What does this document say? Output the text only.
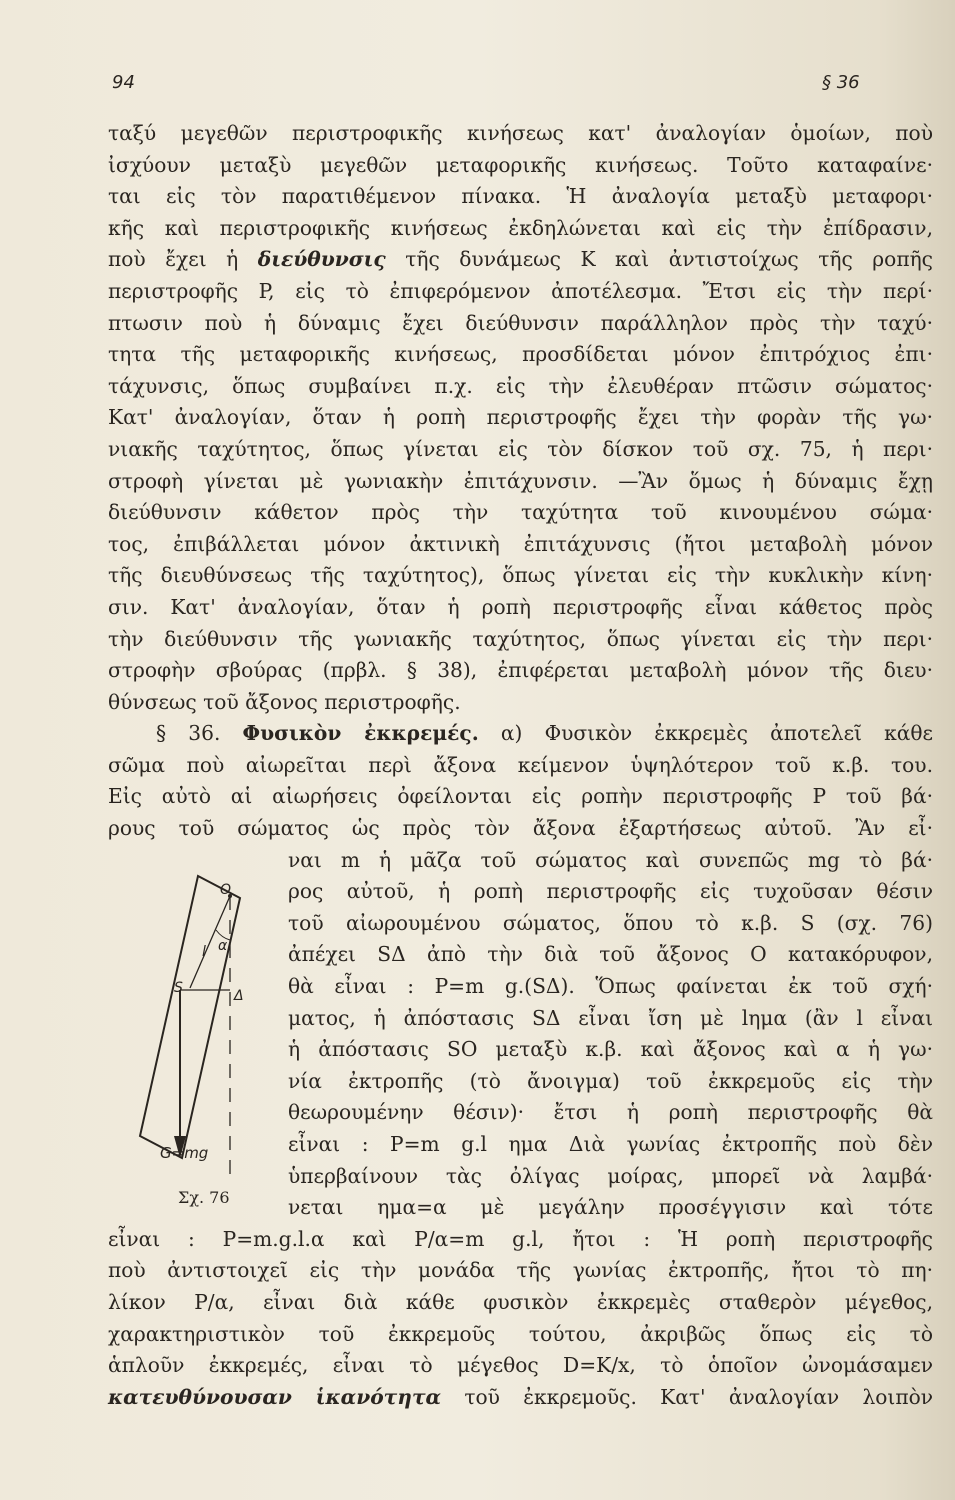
94	§ 36
ταξύ μεγεθῶν περιστροφικῆς κινήσεως κατ' ἀναλογίαν ὁμοίων, ποὺ
ἰσχύουν μεταξὺ μεγεθῶν μεταφορικῆς κινήσεως. Τοῦτο καταφαίνε·
ται εἰς τὸν παρατιθέμενον πίνακα. Ἡ ἀναλογία μεταξὺ μεταφορι·
κῆς καὶ περιστροφικῆς κινήσεως ἐκδηλώνεται καὶ εἰς τὴν ἐπίδρασιν,
ποὺ ἔχει ἡ διεύθυνσις τῆς δυνάμεως K καὶ ἀντιστοίχως τῆς ροπῆς
περιστροφῆς P, εἰς τὸ ἐπιφερόμενον ἀποτέλεσμα. Ἔτσι εἰς τὴν περί·
πτωσιν ποὺ ἡ δύναμις ἔχει διεύθυνσιν παράλληλον πρὸς τὴν ταχύ·
τητα τῆς μεταφορικῆς κινήσεως, προσδίδεται μόνον ἐπιτρόχιος ἐπι·
τάχυνσις, ὅπως συμβαίνει π.χ. εἰς τὴν ἐλευθέραν πτῶσιν σώματος·
Κατ' ἀναλογίαν, ὅταν ἡ ροπὴ περιστροφῆς ἔχει τὴν φορὰν τῆς γω·
νιακῆς ταχύτητος, ὅπως γίνεται εἰς τὸν δίσκον τοῦ σχ. 75, ἡ περι·
στροφὴ γίνεται μὲ γωνιακὴν ἐπιτάχυνσιν. —Ἂν ὅμως ἡ δύναμις ἔχῃ
διεύθυνσιν κάθετον πρὸς τὴν ταχύτητα τοῦ κινουμένου σώμα·
τος, ἐπιβάλλεται μόνον ἀκτινικὴ ἐπιτάχυνσις (ἤτοι μεταβολὴ μόνον
τῆς διευθύνσεως τῆς ταχύτητος), ὅπως γίνεται εἰς τὴν κυκλικὴν κίνη·
σιν. Κατ' ἀναλογίαν, ὅταν ἡ ροπὴ περιστροφῆς εἶναι κάθετος πρὸς
τὴν διεύθυνσιν τῆς γωνιακῆς ταχύτητος, ὅπως γίνεται εἰς τὴν περι·
στροφὴν σβούρας (πρβλ. § 38), ἐπιφέρεται μεταβολὴ μόνον τῆς διευ·
θύνσεως τοῦ ἄξονος περιστροφῆς.
§ 36. Φυσικὸν ἐκκρεμές. α) Φυσικὸν ἐκκρεμὲς ἀποτελεῖ κάθε
σῶμα ποὺ αἰωρεῖται περὶ ἄξονα κείμενον ὑψηλότερον τοῦ κ.β. του.
Εἰς αὐτὸ αἱ αἰωρήσεις ὀφείλονται εἰς ροπὴν περιστροφῆς P τοῦ βά·
ρους τοῦ σώματος ὡς πρὸς τὸν ἄξονα ἐξαρτήσεως αὐτοῦ. Ἂν εἶ·
ναι m ἡ μᾶζα τοῦ σώματος καὶ συνεπῶς mg τὸ βά·
ρος αὐτοῦ, ἡ ροπὴ περιστροφῆς εἰς τυχοῦσαν θέσιν
τοῦ αἰωρουμένου σώματος, ὅπου τὸ κ.β. S (σχ. 76)
ἀπέχει SΔ ἀπὸ τὴν διὰ τοῦ ἄξονος O κατακόρυφον,
θὰ εἶναι : P=m g.(SΔ). Ὅπως φαίνεται ἐκ τοῦ σχή·
ματος, ἡ ἀπόστασις SΔ εἶναι ἴση μὲ lημα (ἂν l εἶναι
ἡ ἀπόστασις SO μεταξὺ κ.β. καὶ ἄξονος καὶ α ἡ γω·
νία ἐκτροπῆς (τὸ ἄνοιγμα) τοῦ ἐκκρεμοῦς εἰς τὴν
θεωρουμένην θέσιν)· ἔτσι ἡ ροπὴ περιστροφῆς θὰ
εἶναι : P=m g.l ημα Διὰ γωνίας ἐκτροπῆς ποὺ δὲν
ὑπερβαίνουν τὰς ὀλίγας μοίρας, μπορεῖ νὰ λαμβά·
νεται ημα=α μὲ μεγάλην προσέγγισιν καὶ τότε
εἶναι : P=m.g.l.α καὶ P/α=m g.l, ἤτοι : Ἡ ροπὴ περιστροφῆς
ποὺ ἀντιστοιχεῖ εἰς τὴν μονάδα τῆς γωνίας ἐκτροπῆς, ἤτοι τὸ πη·
λίκον P/α, εἶναι διὰ κάθε φυσικὸν ἐκκρεμὲς σταθερὸν μέγεθος,
χαρακτηριστικὸν τοῦ ἐκκρεμοῦς τούτου, ἀκριβῶς ὅπως εἰς τὸ
ἁπλοῦν ἐκκρεμές, εἶναι τὸ μέγεθος D=K/x, τὸ ὁποῖον ὠνομάσαμεν
κατευθύνουσαν ἱκανότητα τοῦ ἐκκρεμοῦς. Κατ' ἀναλογίαν λοιπὸν
O
l α
S	Δ
G=mg
Σχ. 76
